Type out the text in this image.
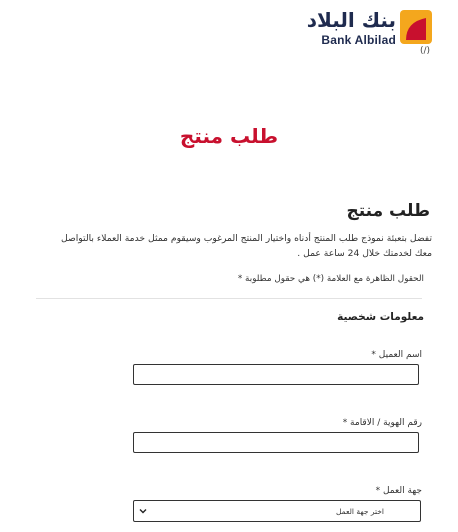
بنك البلاد
Bank Albilad
(/)
طلب منتج
طلب منتج
تفضل بتعبئة نموذج طلب المنتج أدناه واختيار المنتج المرغوب وسيقوم ممثل خدمة العملاء بالتواصل
معك لخدمتك خلال 24 ساعة عمل .
الحقول الظاهرة مع العلامة (*) هي حقول مطلوبة *
معلومات شخصية
اسم العميل *
رقم الهوية / الاقامة *
جهة العمل *
اختر جهة العمل
